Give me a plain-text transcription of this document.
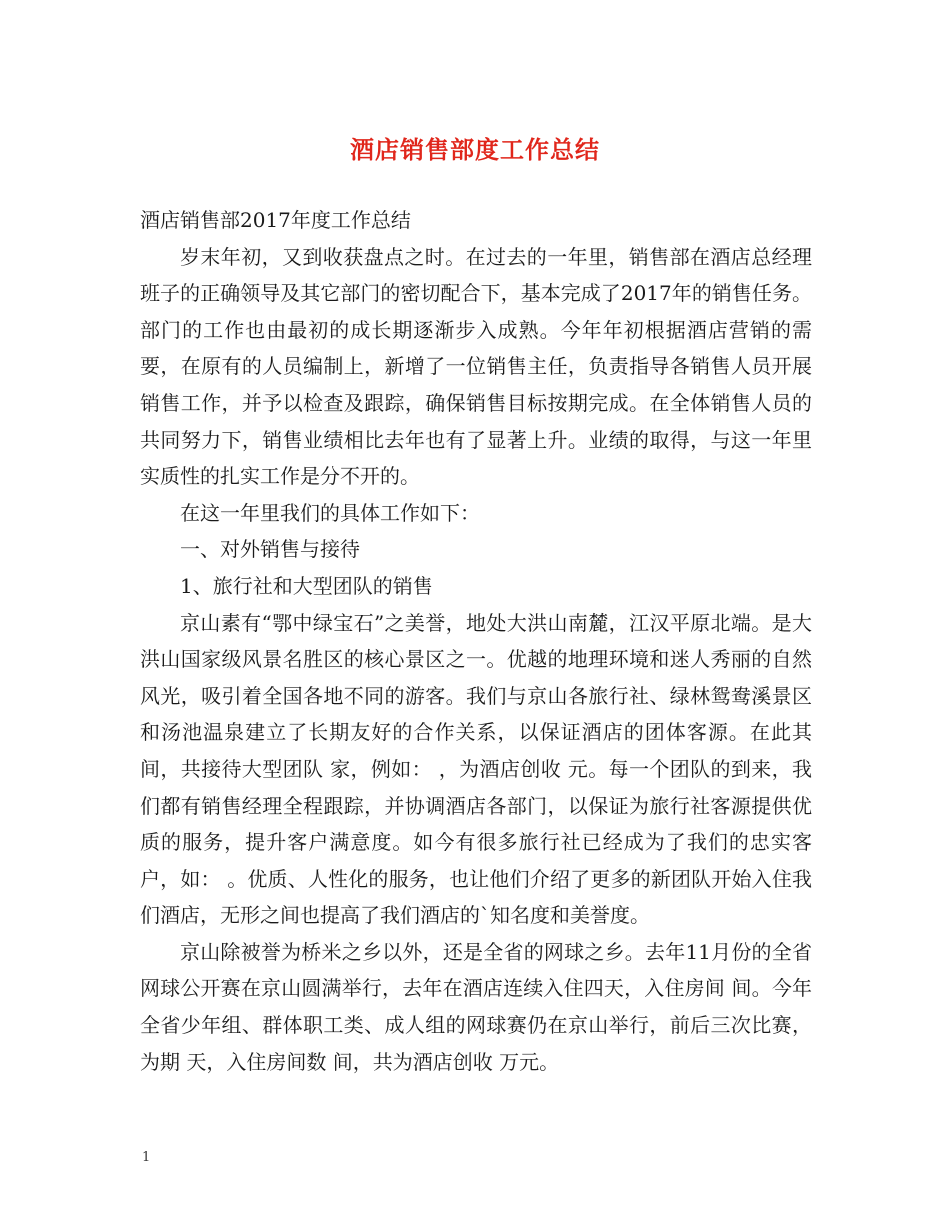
酒店销售部度工作总结

酒店销售部2017年度工作总结

岁末年初，又到收获盘点之时。在过去的一年里，销售部在酒店总经理班子的正确领导及其它部门的密切配合下，基本完成了2017年的销售任务。部门的工作也由最初的成长期逐渐步入成熟。今年年初根据酒店营销的需要，在原有的人员编制上，新增了一位销售主任，负责指导各销售人员开展销售工作，并予以检查及跟踪，确保销售目标按期完成。在全体销售人员的共同努力下，销售业绩相比去年也有了显著上升。业绩的取得，与这一年里实质性的扎实工作是分不开的。

在这一年里我们的具体工作如下：

一、对外销售与接待

1、旅行社和大型团队的销售

京山素有“鄂中绿宝石”之美誉，地处大洪山南麓，江汉平原北端。是大洪山国家级风景名胜区的核心景区之一。优越的地理环境和迷人秀丽的自然风光，吸引着全国各地不同的游客。我们与京山各旅行社、绿林鸳鸯溪景区和汤池温泉建立了长期友好的合作关系，以保证酒店的团体客源。在此其间，共接待大型团队 家，例如： ，为酒店创收 元。每一个团队的到来，我们都有销售经理全程跟踪，并协调酒店各部门，以保证为旅行社客源提供优质的服务，提升客户满意度。如今有很多旅行社已经成为了我们的忠实客户，如： 。优质、人性化的服务，也让他们介绍了更多的新团队开始入住我们酒店，无形之间也提高了我们酒店的`知名度和美誉度。

京山除被誉为桥米之乡以外，还是全省的网球之乡。去年11月份的全省网球公开赛在京山圆满举行，去年在酒店连续入住四天，入住房间 间。今年全省少年组、群体职工类、成人组的网球赛仍在京山举行，前后三次比赛，为期 天，入住房间数 间，共为酒店创收 万元。

1
